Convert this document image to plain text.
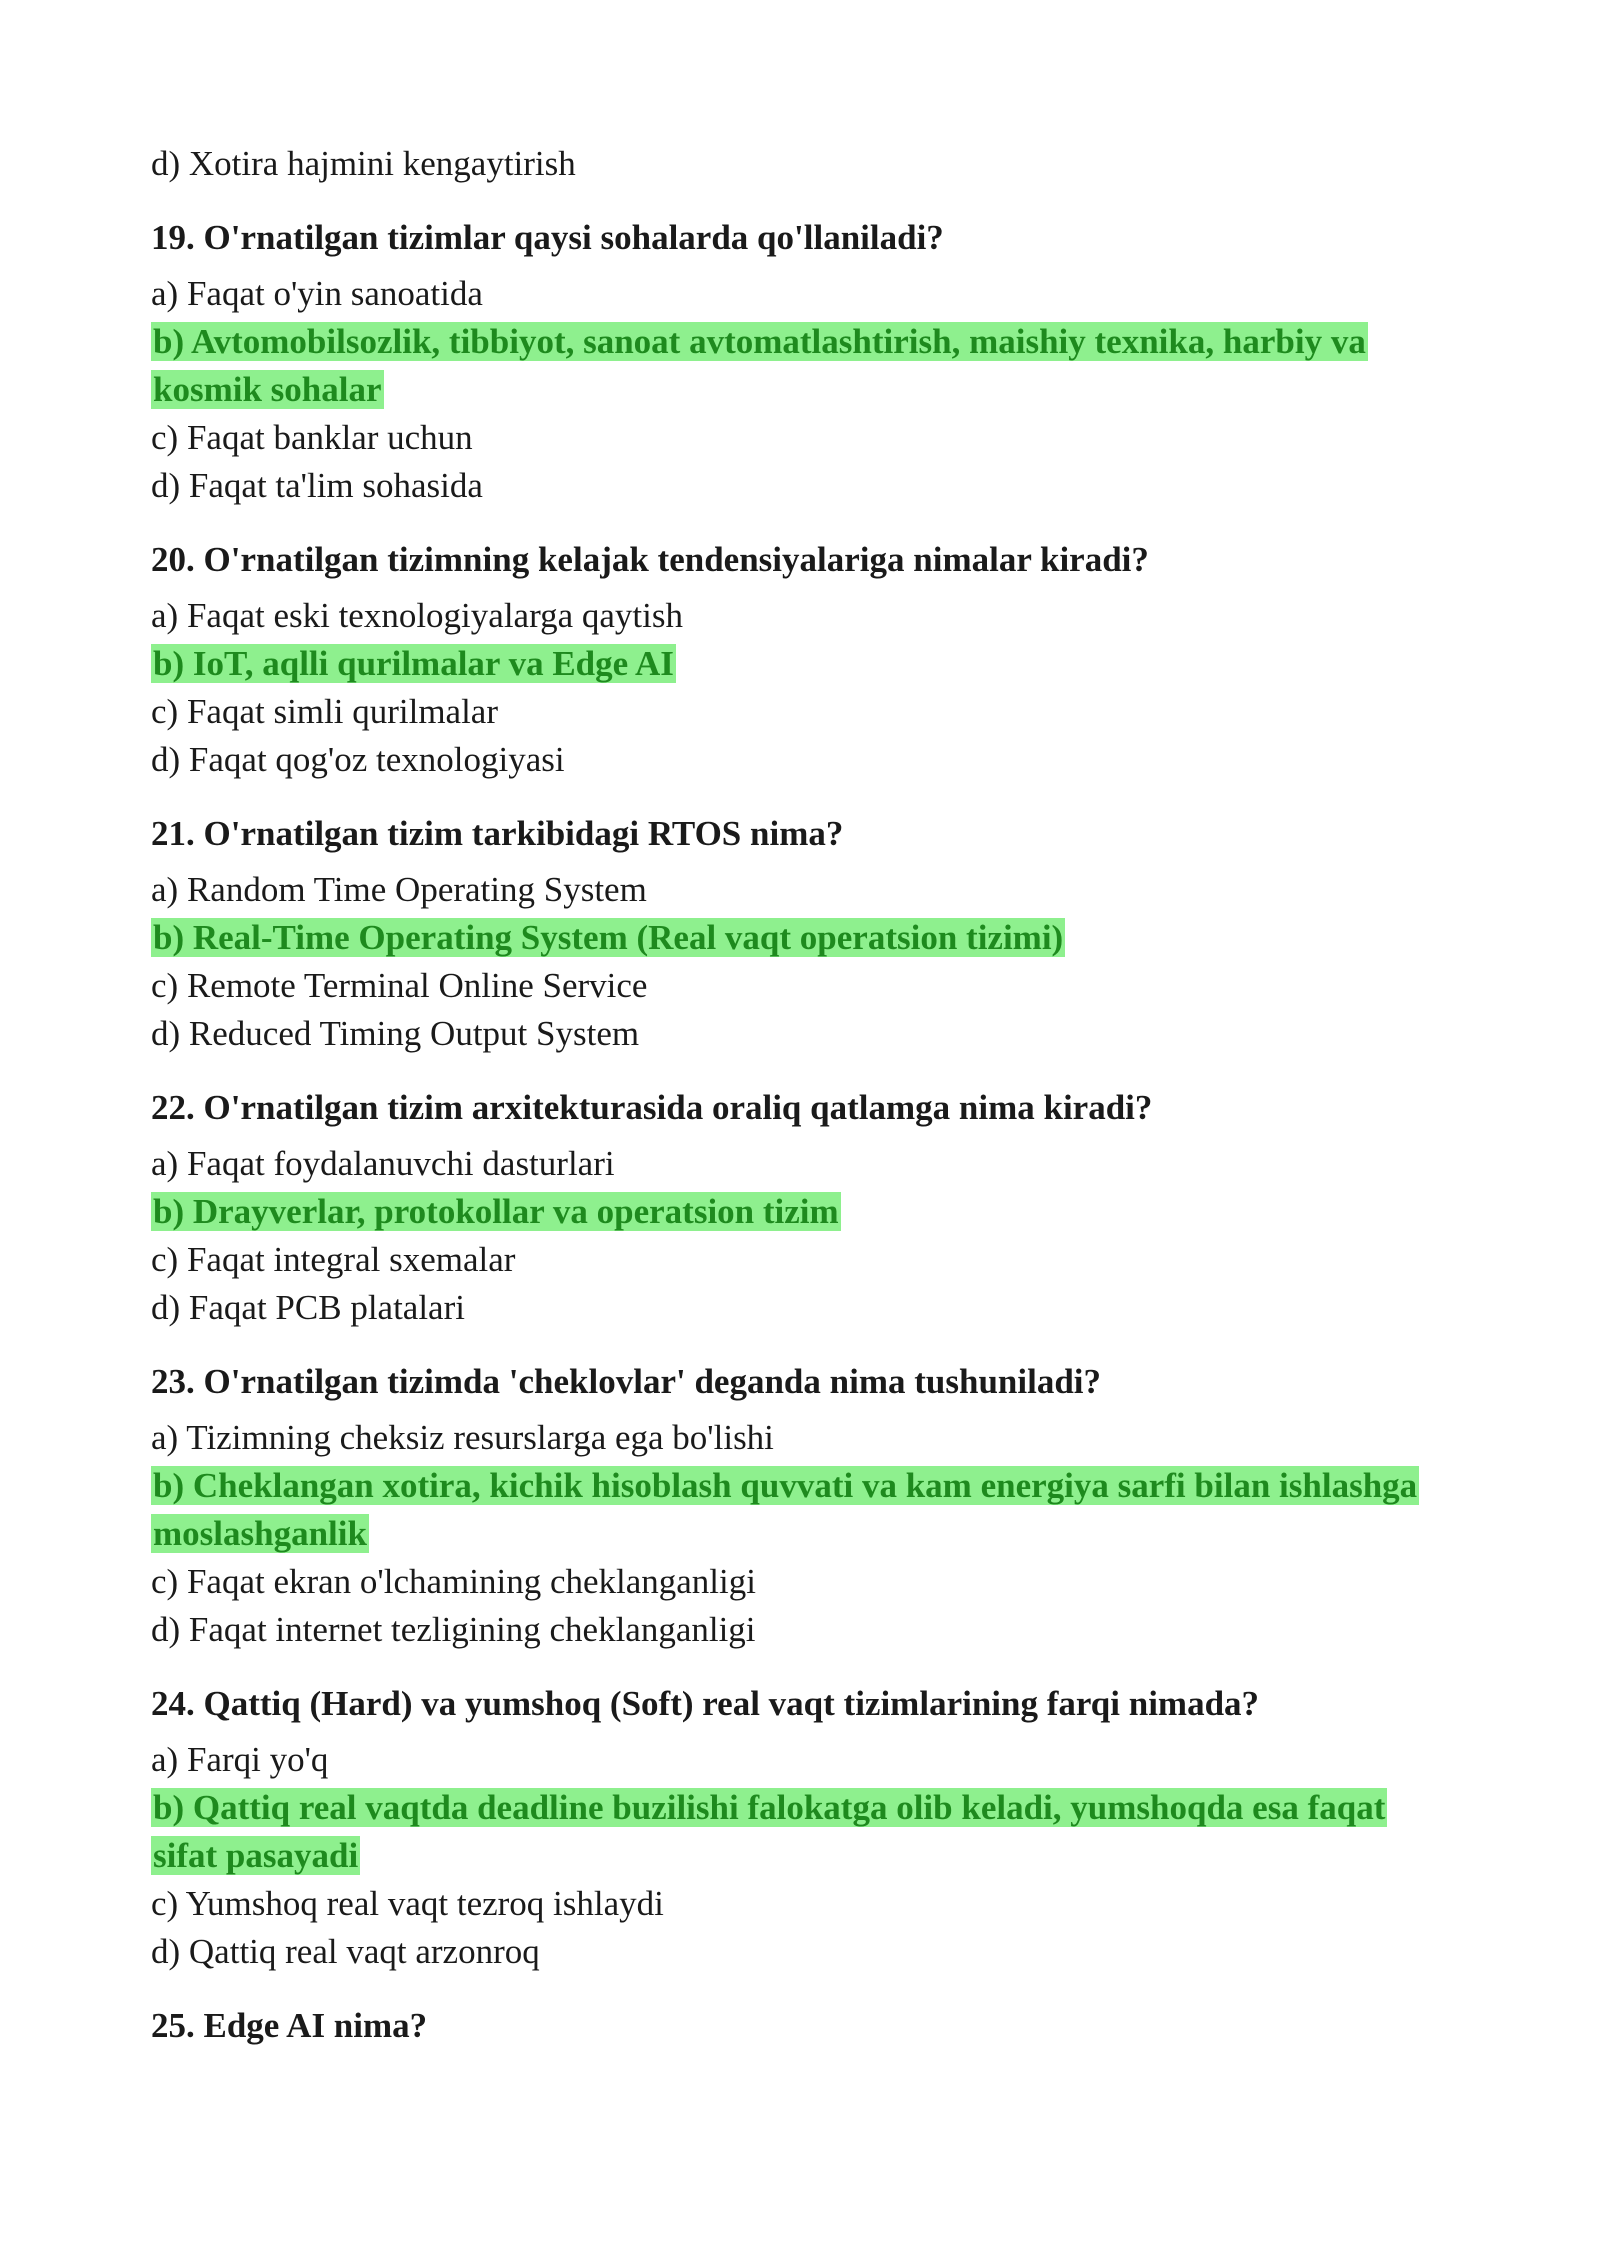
d) Xotira hajmini kengaytirish

19. O'rnatilgan tizimlar qaysi sohalarda qo'llaniladi?

a) Faqat o'yin sanoatida
b) Avtomobilsozlik, tibbiyot, sanoat avtomatlashtirish, maishiy texnika, harbiy va kosmik sohalar
c) Faqat banklar uchun
d) Faqat ta'lim sohasida

20. O'rnatilgan tizimning kelajak tendensiyalariga nimalar kiradi?

a) Faqat eski texnologiyalarga qaytish
b) IoT, aqlli qurilmalar va Edge AI
c) Faqat simli qurilmalar
d) Faqat qog'oz texnologiyasi

21. O'rnatilgan tizim tarkibidagi RTOS nima?

a) Random Time Operating System
b) Real-Time Operating System (Real vaqt operatsion tizimi)
c) Remote Terminal Online Service
d) Reduced Timing Output System

22. O'rnatilgan tizim arxitekturasida oraliq qatlamga nima kiradi?

a) Faqat foydalanuvchi dasturlari
b) Drayverlar, protokollar va operatsion tizim
c) Faqat integral sxemalar
d) Faqat PCB platalari

23. O'rnatilgan tizimda 'cheklovlar' deganda nima tushuniladi?

a) Tizimning cheksiz resurslarga ega bo'lishi
b) Cheklangan xotira, kichik hisoblash quvvati va kam energiya sarfi bilan ishlashga moslashganlik
c) Faqat ekran o'lchamining cheklanganligi
d) Faqat internet tezligining cheklanganligi

24. Qattiq (Hard) va yumshoq (Soft) real vaqt tizimlarining farqi nimada?

a) Farqi yo'q
b) Qattiq real vaqtda deadline buzilishi falokatga olib keladi, yumshoqda esa faqat sifat pasayadi
c) Yumshoq real vaqt tezroq ishlaydi
d) Qattiq real vaqt arzonroq

25. Edge AI nima?
